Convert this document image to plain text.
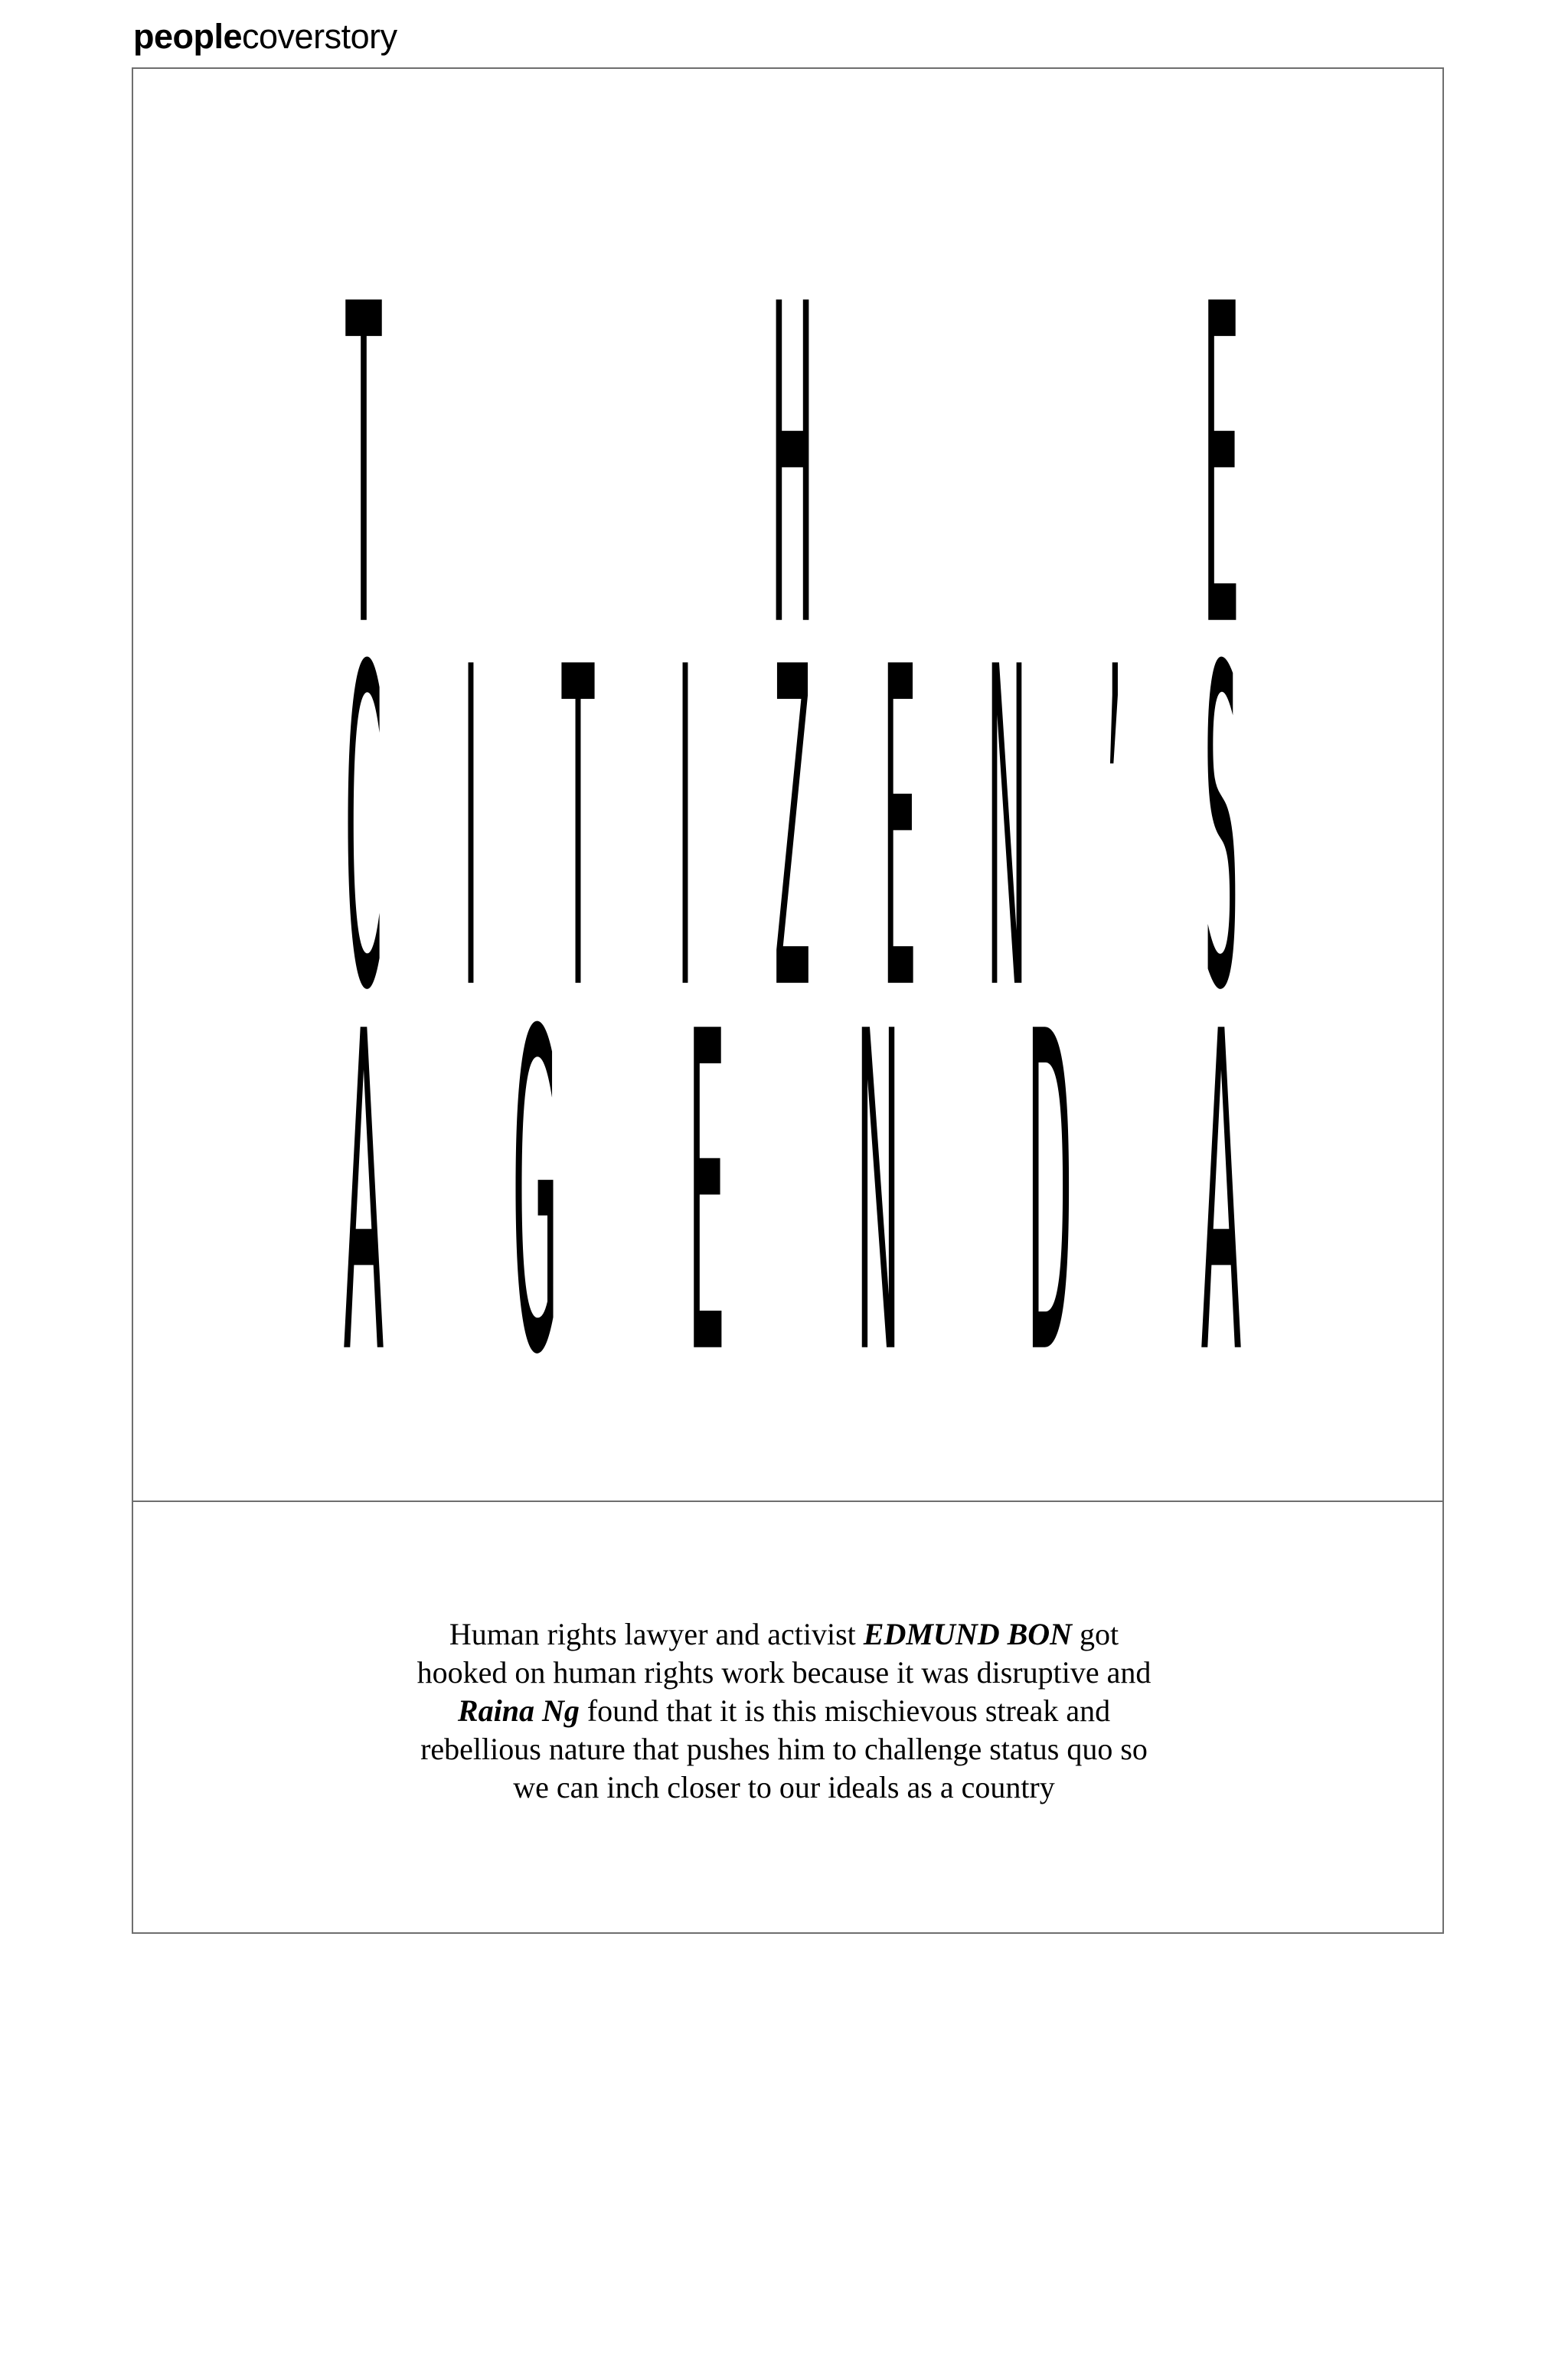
peoplecoverstory
T	H	E
C I T I Z E N ’ S
A G E N D A
Human rights lawyer and activist EDMUND BON got hooked on human rights work because it was disruptive and Raina Ng found that it is this mischievous streak and rebellious nature that pushes him to challenge status quo so we can inch closer to our ideals as a country
